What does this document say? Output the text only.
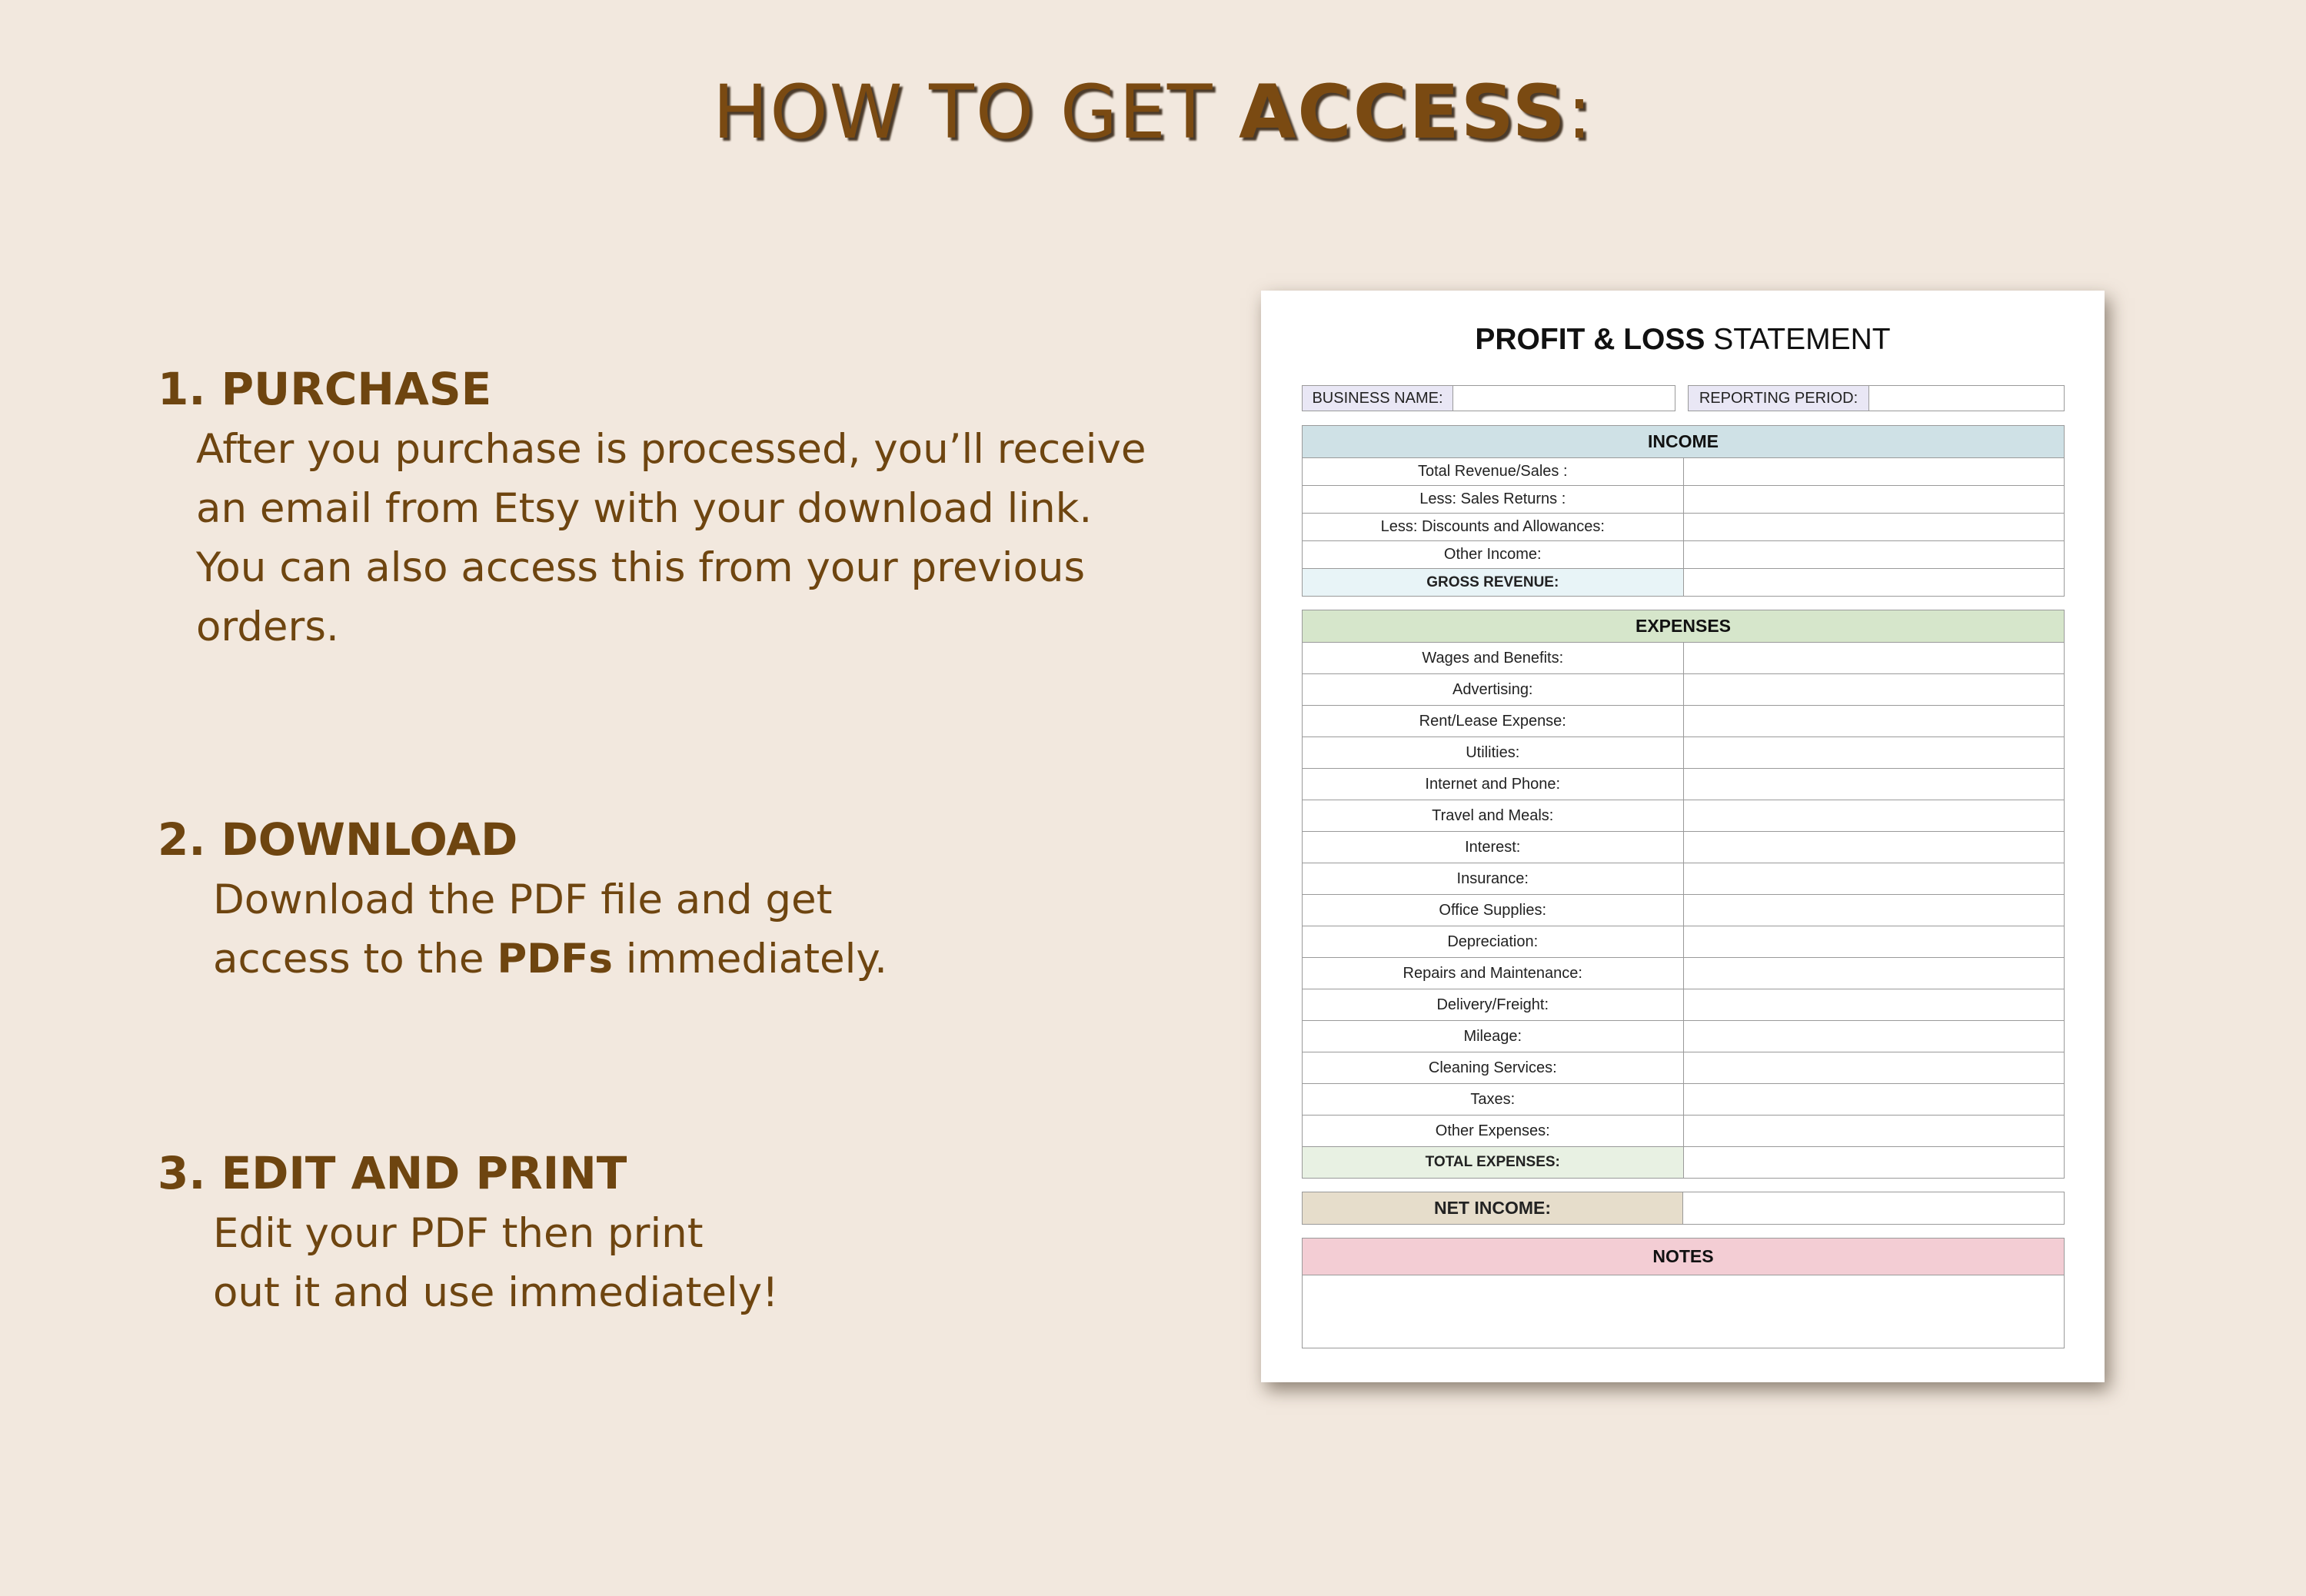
HOW TO GET ACCESS:
1. PURCHASE

After you purchase is processed, you’ll receive
an email from Etsy with your download link.
You can also access this from your previous
orders.

2. DOWNLOAD

Download the PDF file and get
access to the PDFs immediately.

3. EDIT AND PRINT

Edit your PDF then print
out it and use immediately!

PROFIT & LOSS STATEMENT
BUSINESS NAME:	REPORTING PERIOD:
INCOME	
Total Revenue/Sales :	
Less: Sales Returns :	
Less: Discounts and Allowances:	
Other Income:	
GROSS REVENUE:	
EXPENSES	
Wages and Benefits:	
Advertising:	
Rent/Lease Expense:	
Utilities:	
Internet and Phone:	
Travel and Meals:	
Interest:	
Insurance:	
Office Supplies:	
Depreciation:	
Repairs and Maintenance:	
Delivery/Freight:	
Mileage:	
Cleaning Services:	
Taxes:	
Other Expenses:	
TOTAL EXPENSES:	
NET INCOME:	
NOTES
